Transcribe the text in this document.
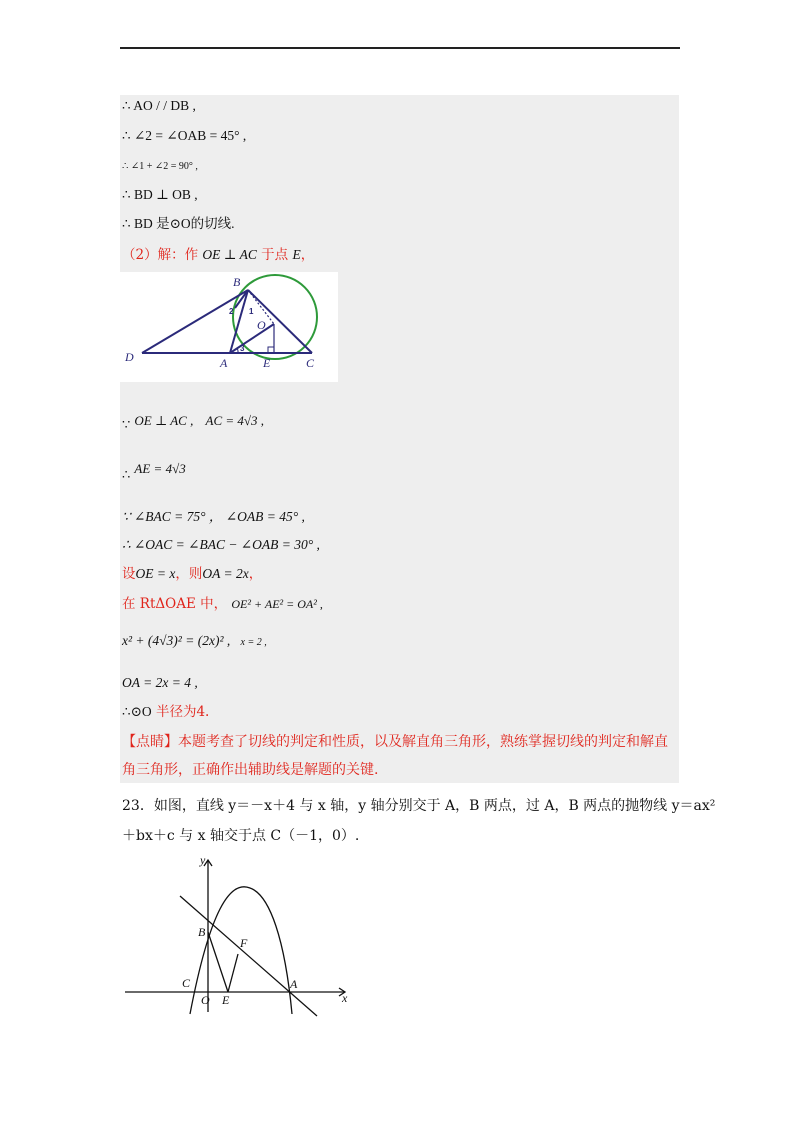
∴ AO / / DB ,
∴ ∠2 = ∠OAB = 45° ,
∴ ∠1 + ∠2 = 90° ,
∴ BD ⊥ OB ,
∴ BD 是⊙O的切线.
（2）解：作 OE ⊥ AC 于点 E，
B
O
D	A	E	C
1
2
3
∵ OE ⊥ AC , AC = 4√3 ,
∴ AE = 4√3
∵ ∠BAC = 75° ， ∠OAB = 45° ,
∴ ∠OAC = ∠BAC − ∠OAB = 30° ,
设OE = x，则OA = 2x，
在 RtΔOAE 中， OE² + AE² = OA² ,
x² + (4√3)² = (2x)² , x = 2 ,
OA = 2x = 4 ,
∴⊙O 半径为4.
【点睛】本题考查了切线的判定和性质，以及解直角三角形，熟练掌握切线的判定和解直
角三角形，正确作出辅助线是解题的关键.
23．如图，直线 y＝－x＋4 与 x 轴，y 轴分别交于 A，B 两点，过 A，B 两点的抛物线 y＝ax²
＋bx＋c 与 x 轴交于点 C（－1，0）.
y
x
B
F
C
O E
A
